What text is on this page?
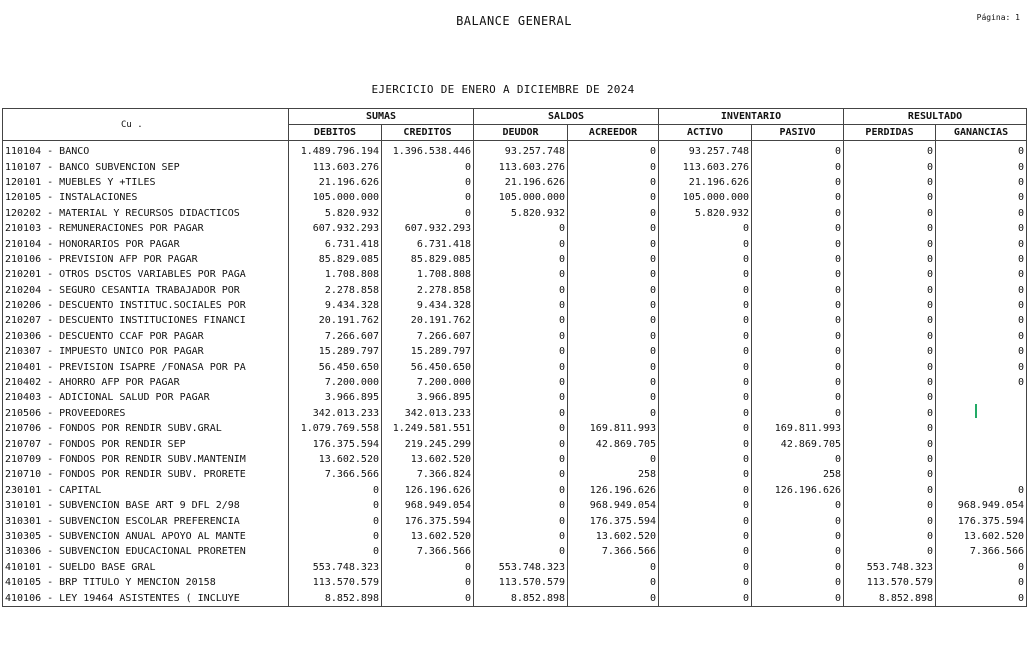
BALANCE GENERAL	Página: 1
EJERCICIO DE ENERO A DICIEMBRE DE 2024
Cu .	SUMAS		SALDOS		INVENTARIO		RESULTADO	
	DEBITOS	CREDITOS	DEUDOR	ACREEDOR	ACTIVO	PASIVO	PERDIDAS	GANANCIAS
110104 - BANCO	1.489.796.194	1.396.538.446	93.257.748	0	93.257.748	0	0	0
110107 - BANCO SUBVENCION SEP	113.603.276	0	113.603.276	0	113.603.276	0	0	0
120101 - MUEBLES Y +TILES	21.196.626	0	21.196.626	0	21.196.626	0	0	0
120105 - INSTALACIONES	105.000.000	0	105.000.000	0	105.000.000	0	0	0
120202 - MATERIAL Y RECURSOS DIDACTICOS	5.820.932	0	5.820.932	0	5.820.932	0	0	0
210103 - REMUNERACIONES POR PAGAR	607.932.293	607.932.293	0	0	0	0	0	0
210104 - HONORARIOS POR PAGAR	6.731.418	6.731.418	0	0	0	0	0	0
210106 - PREVISION AFP POR PAGAR	85.829.085	85.829.085	0	0	0	0	0	0
210201 - OTROS DSCTOS VARIABLES POR PAGA	1.708.808	1.708.808	0	0	0	0	0	0
210204 - SEGURO CESANTIA TRABAJADOR POR	2.278.858	2.278.858	0	0	0	0	0	0
210206 - DESCUENTO INSTITUC.SOCIALES POR	9.434.328	9.434.328	0	0	0	0	0	0
210207 - DESCUENTO INSTITUCIONES FINANCI	20.191.762	20.191.762	0	0	0	0	0	0
210306 - DESCUENTO CCAF POR PAGAR	7.266.607	7.266.607	0	0	0	0	0	0
210307 - IMPUESTO UNICO POR PAGAR	15.289.797	15.289.797	0	0	0	0	0	0
210401 - PREVISION ISAPRE /FONASA POR PA	56.450.650	56.450.650	0	0	0	0	0	0
210402 - AHORRO AFP POR PAGAR	7.200.000	7.200.000	0	0	0	0	0	0
210403 - ADICIONAL SALUD POR PAGAR	3.966.895	3.966.895	0	0	0	0	0	
210506 - PROVEEDORES	342.013.233	342.013.233	0	0	0	0	0	
210706 - FONDOS POR RENDIR SUBV.GRAL	1.079.769.558	1.249.581.551	0	169.811.993	0	169.811.993	0	
210707 - FONDOS POR RENDIR SEP	176.375.594	219.245.299	0	42.869.705	0	42.869.705	0	
210709 - FONDOS POR RENDIR SUBV.MANTENIM	13.602.520	13.602.520	0	0	0	0	0	
210710 - FONDOS POR RENDIR SUBV. PRORETE	7.366.566	7.366.824	0	258	0	258	0	
230101 - CAPITAL	0	126.196.626	0	126.196.626	0	126.196.626	0	0
310101 - SUBVENCION BASE ART 9 DFL 2/98	0	968.949.054	0	968.949.054	0	0	0	968.949.054
310301 - SUBVENCION ESCOLAR PREFERENCIA	0	176.375.594	0	176.375.594	0	0	0	176.375.594
310305 - SUBVENCION ANUAL APOYO AL MANTE	0	13.602.520	0	13.602.520	0	0	0	13.602.520
310306 - SUBVENCION EDUCACIONAL PRORETEN	0	7.366.566	0	7.366.566	0	0	0	7.366.566
410101 - SUELDO BASE GRAL	553.748.323	0	553.748.323	0	0	0	553.748.323	0
410105 - BRP TITULO Y MENCION 20158	113.570.579	0	113.570.579	0	0	0	113.570.579	0
410106 - LEY 19464 ASISTENTES ( INCLUYE	8.852.898	0	8.852.898	0	0	0	8.852.898	0
